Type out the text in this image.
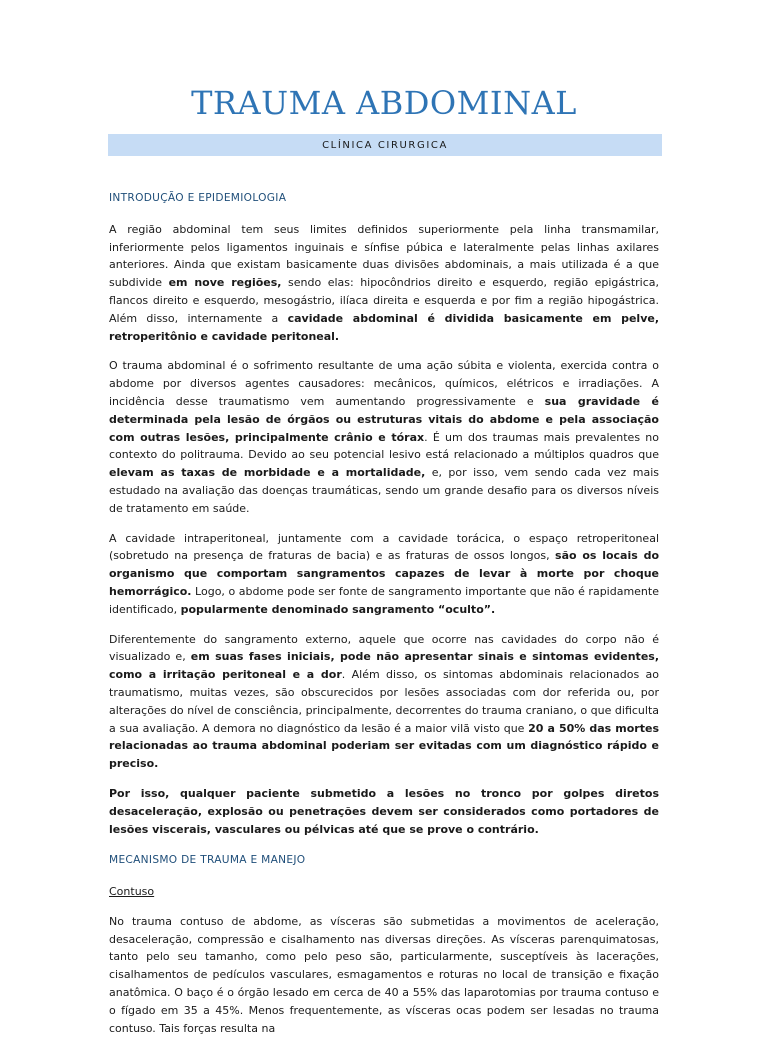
TRAUMA ABDOMINAL
CLÍNICA CIRURGICA
INTRODUÇÃO E EPIDEMIOLOGIA

A região abdominal tem seus limites definidos superiormente pela linha transmamilar, inferiormente pelos ligamentos inguinais e sínfise púbica e lateralmente pelas linhas axilares anteriores. Ainda que existam basicamente duas divisões abdominais, a mais utilizada é a que subdivide em nove regiões, sendo elas: hipocôndrios direito e esquerdo, região epigástrica, flancos direito e esquerdo, mesogástrio, ilíaca direita e esquerda e por fim a região hipogástrica. Além disso, internamente a cavidade abdominal é dividida basicamente em pelve, retroperitônio e cavidade peritoneal.

O trauma abdominal é o sofrimento resultante de uma ação súbita e violenta, exercida contra o abdome por diversos agentes causadores: mecânicos, químicos, elétricos e irradiações. A incidência desse traumatismo vem aumentando progressivamente e sua gravidade é determinada pela lesão de órgãos ou estruturas vitais do abdome e pela associação com outras lesões, principalmente crânio e tórax. É um dos traumas mais prevalentes no contexto do politrauma. Devido ao seu potencial lesivo está relacionado a múltiplos quadros que elevam as taxas de morbidade e a mortalidade, e, por isso, vem sendo cada vez mais estudado na avaliação das doenças traumáticas, sendo um grande desafio para os diversos níveis de tratamento em saúde.

A cavidade intraperitoneal, juntamente com a cavidade torácica, o espaço retroperitoneal (sobretudo na presença de fraturas de bacia) e as fraturas de ossos longos, são os locais do organismo que comportam sangramentos capazes de levar à morte por choque hemorrágico. Logo, o abdome pode ser fonte de sangramento importante que não é rapidamente identificado, popularmente denominado sangramento “oculto”.

Diferentemente do sangramento externo, aquele que ocorre nas cavidades do corpo não é visualizado e, em suas fases iniciais, pode não apresentar sinais e sintomas evidentes, como a irritação peritoneal e a dor. Além disso, os sintomas abdominais relacionados ao traumatismo, muitas vezes, são obscurecidos por lesões associadas com dor referida ou, por alterações do nível de consciência, principalmente, decorrentes do trauma craniano, o que dificulta a sua avaliação. A demora no diagnóstico da lesão é a maior vilã visto que 20 a 50% das mortes relacionadas ao trauma abdominal poderiam ser evitadas com um diagnóstico rápido e preciso.

Por isso, qualquer paciente submetido a lesões no tronco por golpes diretos desaceleração, explosão ou penetrações devem ser considerados como portadores de lesões viscerais, vasculares ou pélvicas até que se prove o contrário.

MECANISMO DE TRAUMA E MANEJO

Contuso

No trauma contuso de abdome, as vísceras são submetidas a movimentos de aceleração, desaceleração, compressão e cisalhamento nas diversas direções. As vísceras parenquimatosas, tanto pelo seu tamanho, como pelo peso são, particularmente, susceptíveis às lacerações, cisalhamentos de pedículos vasculares, esmagamentos e roturas no local de transição e fixação anatômica. O baço é o órgão lesado em cerca de 40 a 55% das laparotomias por trauma contuso e o fígado em 35 a 45%. Menos frequentemente, as vísceras ocas podem ser lesadas no trauma contuso. Tais forças resulta na
